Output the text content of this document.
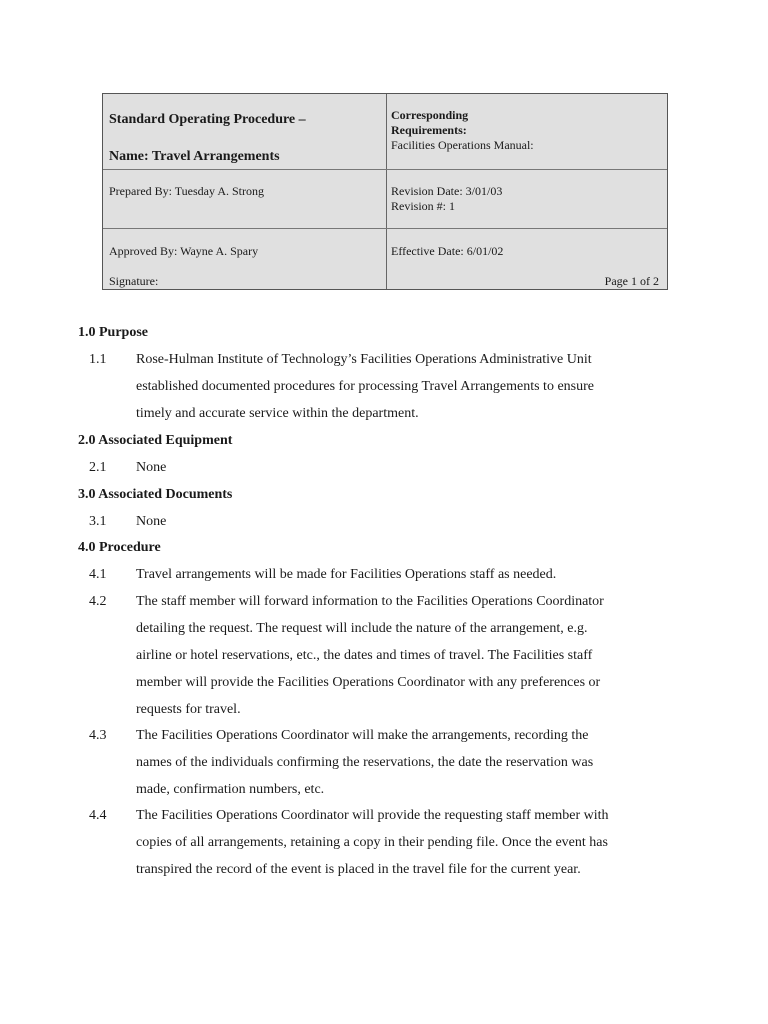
Standard Operating Procedure –
Name: Travel Arrangements
Corresponding
Requirements:
Facilities Operations Manual:
Prepared By: Tuesday A. Strong	Revision Date: 3/01/03
Revision #: 1
Approved By: Wayne A. Spary
Signature:
Effective Date: 6/01/02
Page 1 of 2
1.0 Purpose
1.1 Rose-Hulman Institute of Technology’s Facilities Operations Administrative Unit
established documented procedures for processing Travel Arrangements to ensure
timely and accurate service within the department.
2.0 Associated Equipment
2.1 None
3.0 Associated Documents
3.1 None
4.0 Procedure
4.1 Travel arrangements will be made for Facilities Operations staff as needed.
4.2 The staff member will forward information to the Facilities Operations Coordinator
detailing the request. The request will include the nature of the arrangement, e.g.
airline or hotel reservations, etc., the dates and times of travel. The Facilities staff
member will provide the Facilities Operations Coordinator with any preferences or
requests for travel.
4.3 The Facilities Operations Coordinator will make the arrangements, recording the
names of the individuals confirming the reservations, the date the reservation was
made, confirmation numbers, etc.
4.4 The Facilities Operations Coordinator will provide the requesting staff member with
copies of all arrangements, retaining a copy in their pending file. Once the event has
transpired the record of the event is placed in the travel file for the current year.
